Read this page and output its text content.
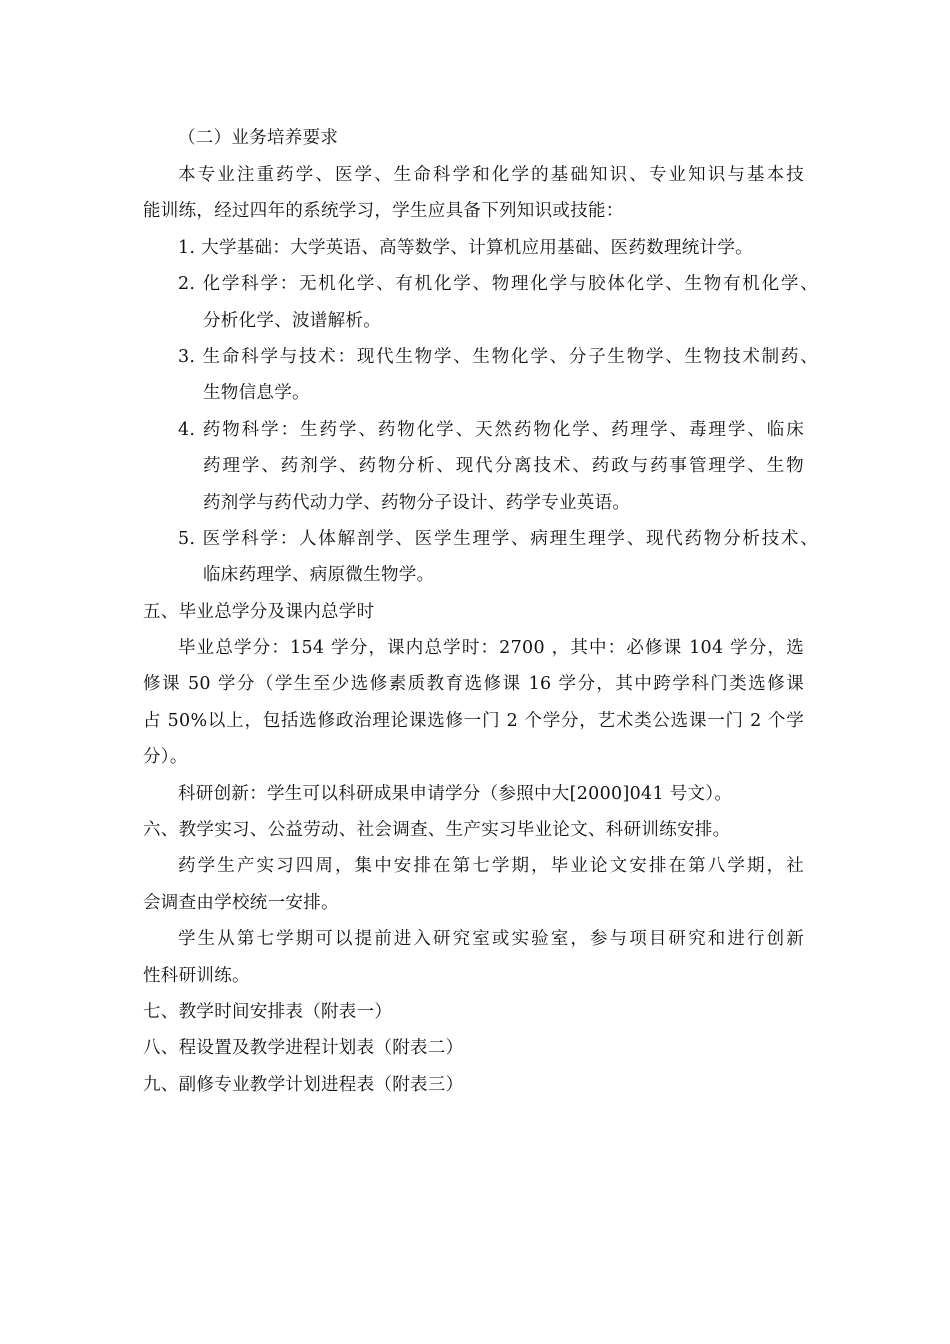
（二）业务培养要求
本专业注重药学、医学、生命科学和化学的基础知识、专业知识与基本技
能训练，经过四年的系统学习，学生应具备下列知识或技能：
1. 大学基础：大学英语、高等数学、计算机应用基础、医药数理统计学。
2. 化学科学：无机化学、有机化学、物理化学与胶体化学、生物有机化学、
分析化学、波谱解析。
3. 生命科学与技术：现代生物学、生物化学、分子生物学、生物技术制药、
生物信息学。
4. 药物科学：生药学、药物化学、天然药物化学、药理学、毒理学、临床
药理学、药剂学、药物分析、现代分离技术、药政与药事管理学、生物
药剂学与药代动力学、药物分子设计、药学专业英语。
5. 医学科学：人体解剖学、医学生理学、病理生理学、现代药物分析技术、
临床药理学、病原微生物学。
五、毕业总学分及课内总学时
毕业总学分：154 学分，课内总学时：2700 ，其中：必修课 104 学分，选
修课 50 学分（学生至少选修素质教育选修课 16 学分，其中跨学科门类选修课
占 50%以上，包括选修政治理论课选修一门 2 个学分，艺术类公选课一门 2 个学
分）。
科研创新：学生可以科研成果申请学分（参照中大[2000]041 号文）。
六、教学实习、公益劳动、社会调查、生产实习毕业论文、科研训练安排。
药学生产实习四周，集中安排在第七学期，毕业论文安排在第八学期，社
会调查由学校统一安排。
学生从第七学期可以提前进入研究室或实验室，参与项目研究和进行创新
性科研训练。
七、教学时间安排表（附表一）
八、程设置及教学进程计划表（附表二）
九、副修专业教学计划进程表（附表三）
